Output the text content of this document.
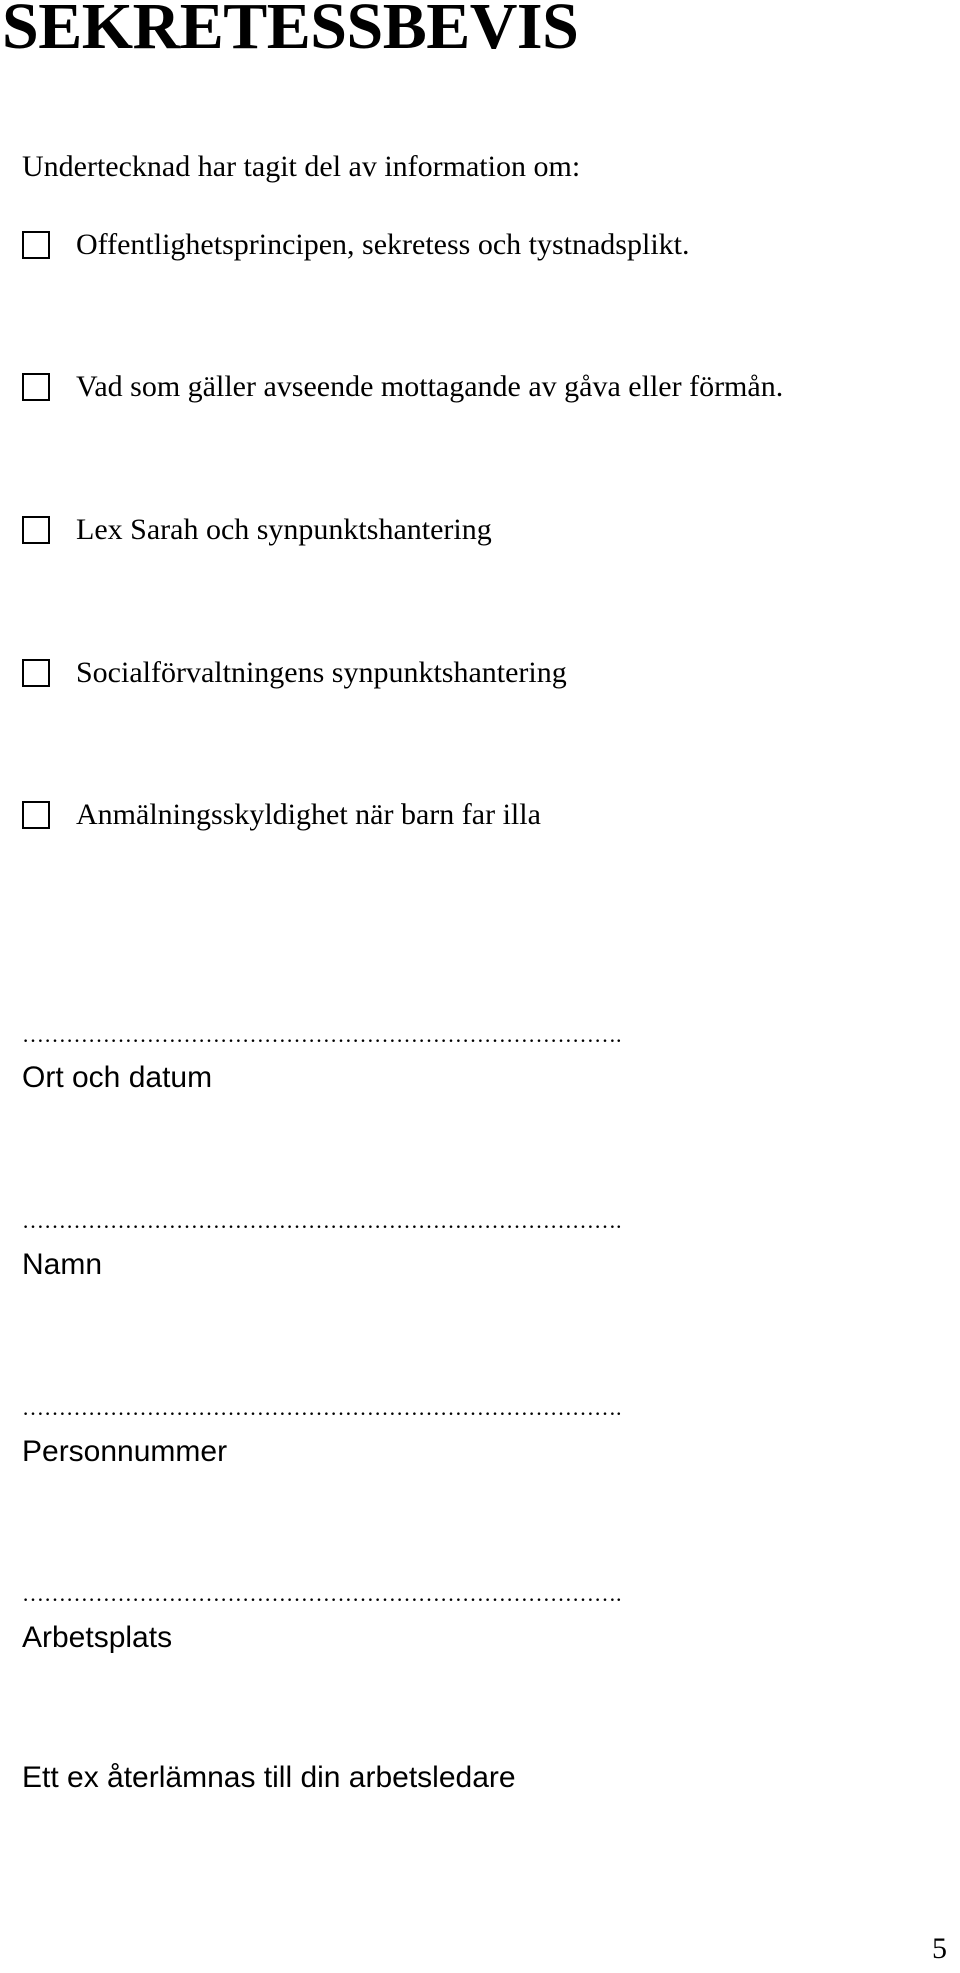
SEKRETESSBEVIS
Undertecknad har tagit del av information om:
Offentlighetsprincipen, sekretess och tystnadsplikt.
Vad som gäller avseende mottagande av gåva eller förmån.
Lex Sarah och synpunktshantering
Socialförvaltningens synpunktshantering
Anmälningsskyldighet när barn far illa
……………………………………………………………………….
Ort och datum
……………………………………………………………………….
Namn
……………………………………………………………………….
Personnummer
……………………………………………………………………….
Arbetsplats
Ett ex återlämnas till din arbetsledare
5
